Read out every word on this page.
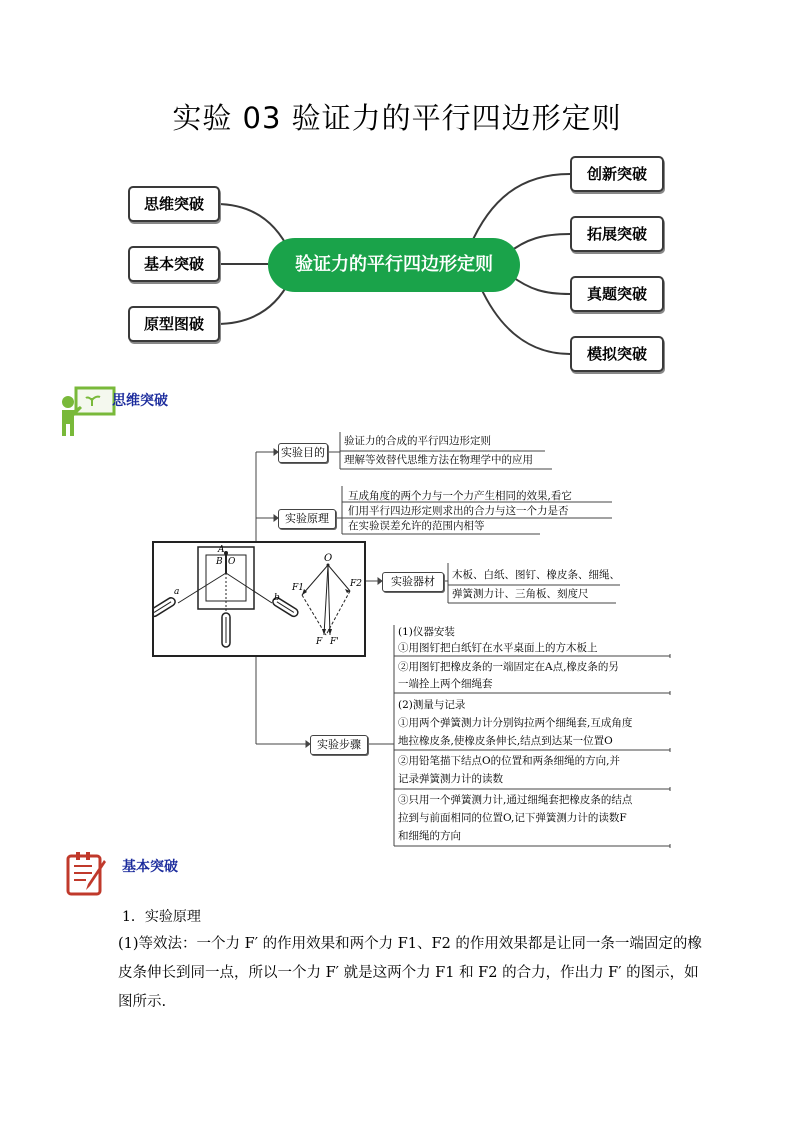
实验 03 验证力的平行四边形定则
思维突破
基本突破
原型图破
验证力的平行四边形定则
创新突破
拓展突破
真题突破
模拟突破
思维突破
实验目的
实验原理
实验器材
实验步骤
验证力的合成的平行四边形定则
理解等效替代思维方法在物理学中的应用
互成角度的两个力与一个力产生相同的效果,看它
们用平行四边形定则求出的合力与这一个力是否
在实验误差允许的范围内相等
木板、白纸、图钉、橡皮条、细绳、
弹簧测力计、三角板、刻度尺
(1)仪器安装
①用图钉把白纸钉在水平桌面上的方木板上
②用图钉把橡皮条的一端固定在A点,橡皮条的另
一端拴上两个细绳套
(2)测量与记录
①用两个弹簧测力计分别钩拉两个细绳套,互成角度
地拉橡皮条,使橡皮条伸长,结点到达某一位置O
②用铅笔描下结点O的位置和两条细绳的方向,并
记录弹簧测力计的读数
③只用一个弹簧测力计,通过细绳套把橡皮条的结点
拉到与前面相同的位置O,记下弹簧测力计的读数F
和细绳的方向
A
B O
a
b
O
F1	F2
F F'
基本突破
1．实验原理
(1)等效法：一个力 F′ 的作用效果和两个力 F1、F2 的作用效果都是让同一条一端固定的橡
皮条伸长到同一点，所以一个力 F′ 就是这两个力 F1 和 F2 的合力，作出力 F′ 的图示，如
图所示.
